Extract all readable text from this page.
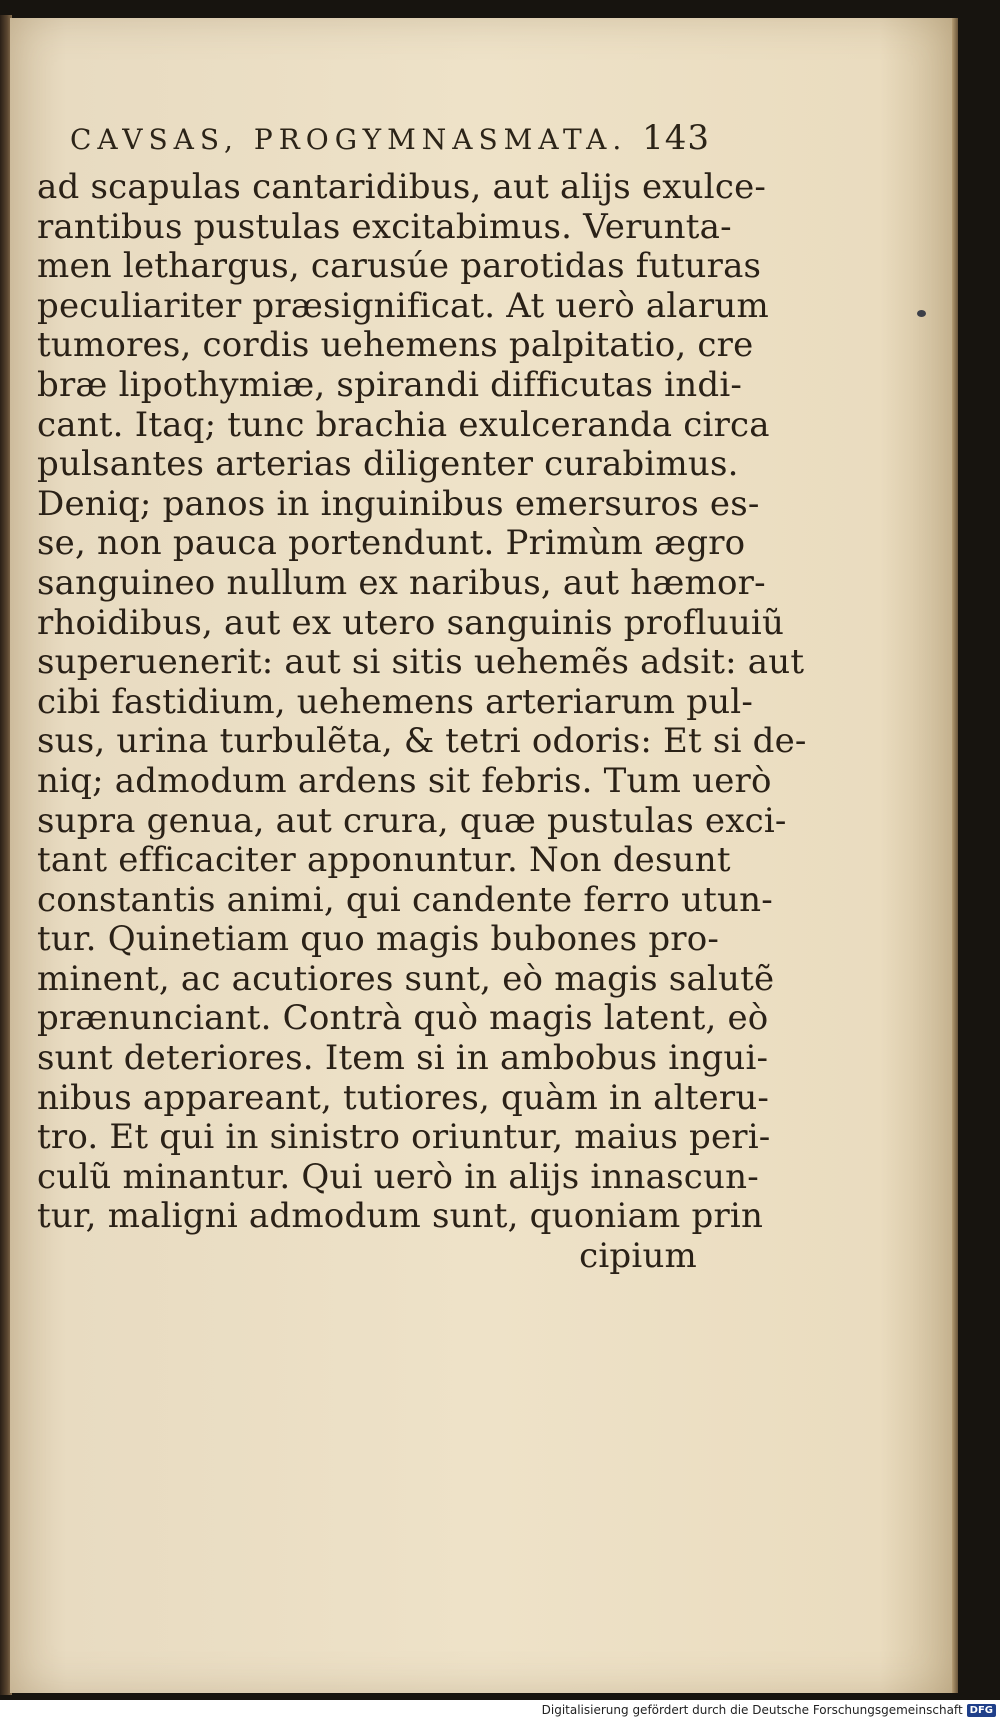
CAVSAS, PROGYMNASMATA. 143
ad scapulas cantaridibus, aut alijs exulce-
rantibus pustulas excitabimus. Verunta-
men lethargus, carusúe parotidas futuras
peculiariter præsignificat. At uerò alarum
tumores, cordis uehemens palpitatio, cre
bræ lipothymiæ, spirandi difficutas indi-
cant. Itaq; tunc brachia exulceranda circa
pulsantes arterias diligenter curabimus.
Deniq; panos in inguinibus emersuros es-
se, non pauca portendunt. Primùm ægro
sanguineo nullum ex naribus, aut hæmor-
rhoidibus, aut ex utero sanguinis profluuiũ
superuenerit: aut si sitis uehemẽs adsit: aut
cibi fastidium, uehemens arteriarum pul-
sus, urina turbulẽta, & tetri odoris: Et si de-
niq; admodum ardens sit febris. Tum uerò
supra genua, aut crura, quæ pustulas exci-
tant efficaciter apponuntur. Non desunt
constantis animi, qui candente ferro utun-
tur. Quinetiam quo magis bubones pro-
minent, ac acutiores sunt, eò magis salutẽ
prænunciant. Contrà quò magis latent, eò
sunt deteriores. Item si in ambobus ingui-
nibus appareant, tutiores, quàm in alteru-
tro. Et qui in sinistro oriuntur, maius peri-
culũ minantur. Qui uerò in alijs innascun-
tur, maligni admodum sunt, quoniam prin
cipium
Digitalisierung gefördert durch die Deutsche Forschungsgemeinschaft DFG
